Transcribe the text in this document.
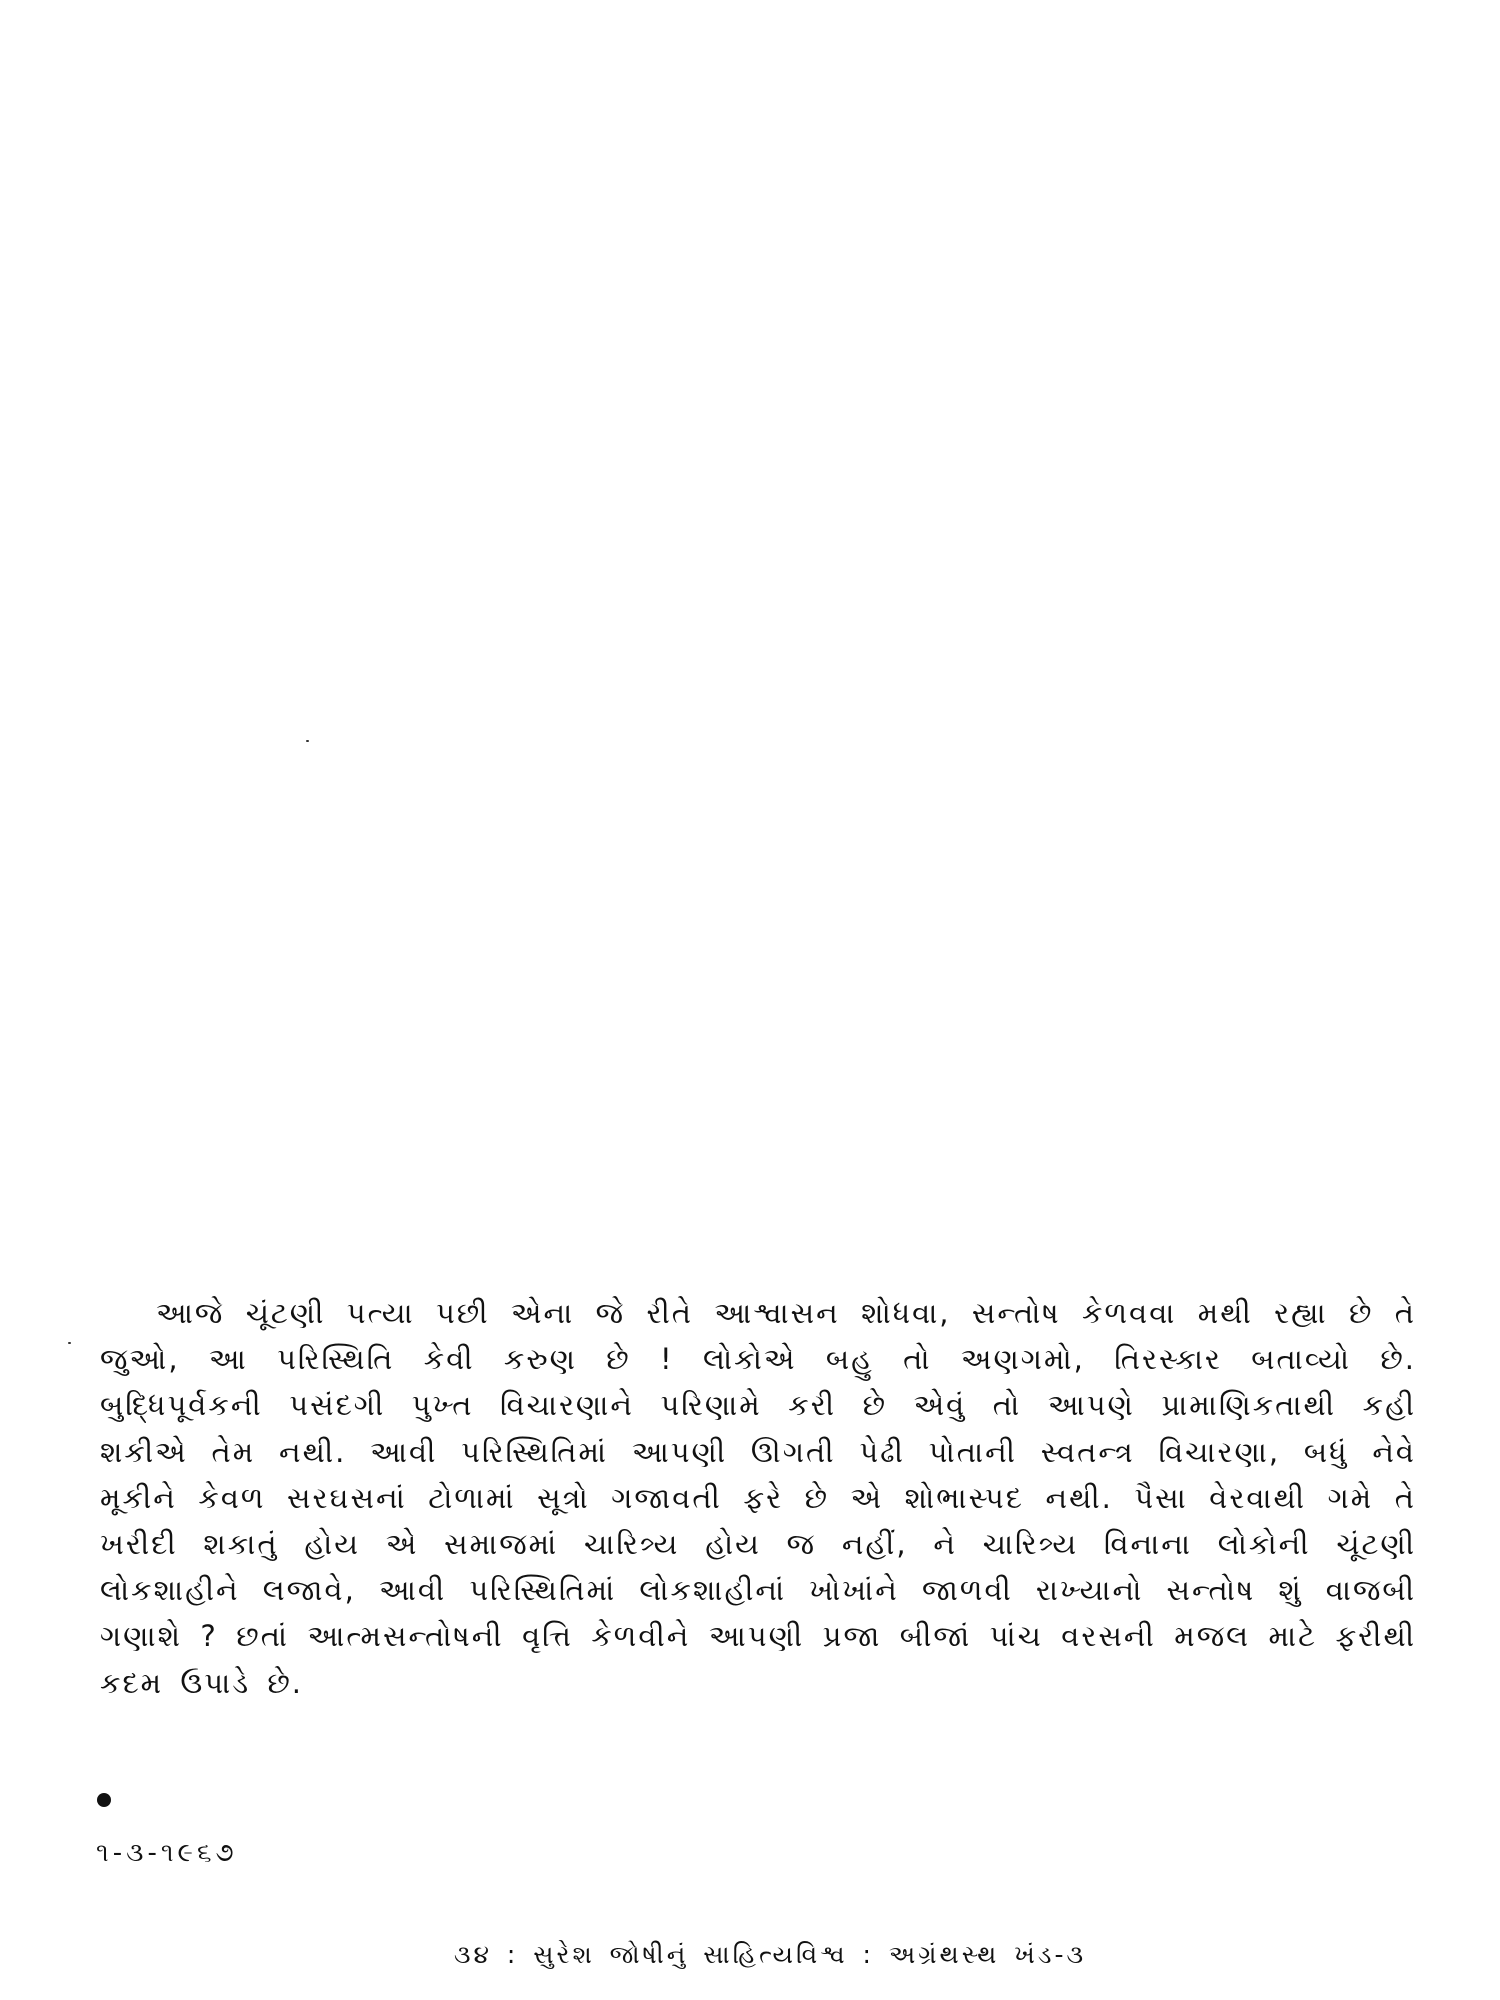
આજે ચૂંટણી પત્યા પછી એના જે રીતે આશ્વાસન શોધવા, સન્તોષ કેળવવા મથી રહ્યા છે તે જુઓ, આ પરિસ્થિતિ કેવી કરુણ છે ! લોકોએ બહુ તો અણગમો, તિરસ્કાર બતાવ્યો છે. બુદ્ધિપૂર્વકની પસંદગી પુખ્ત વિચારણાને પરિણામે કરી છે એવું તો આપણે પ્રામાણિકતાથી કહી શકીએ તેમ નથી. આવી પરિસ્થિતિમાં આપણી ઊગતી પેઢી પોતાની સ્વતન્ત્ર વિચારણા, બધું નેવે મૂકીને કેવળ સરઘસનાં ટોળામાં સૂત્રો ગજાવતી ફરે છે એ શોભાસ્પદ નથી. પૈસા વેરવાથી ગમે તે ખરીદી શકાતું હોય એ સમાજમાં ચારિત્ર્ય હોય જ નહીં, ને ચારિત્ર્ય વિનાના લોકોની ચૂંટણી લોકશાહીને લજાવે, આવી પરિસ્થિતિમાં લોકશાહીનાં ખોખાંને જાળવી રાખ્યાનો સન્તોષ શું વાજબી ગણાશે ? છતાં આત્મસન્તોષની વૃત્તિ કેળવીને આપણી પ્રજા બીજાં પાંચ વરસની મજલ માટે ફરીથી કદમ ઉપાડે છે.

૧-૩-૧૯૬૭

૩૪ : સુરેશ જોષીનું સાહિત્યવિશ્વ : અગ્રંથસ્થ ખંડ-૩
